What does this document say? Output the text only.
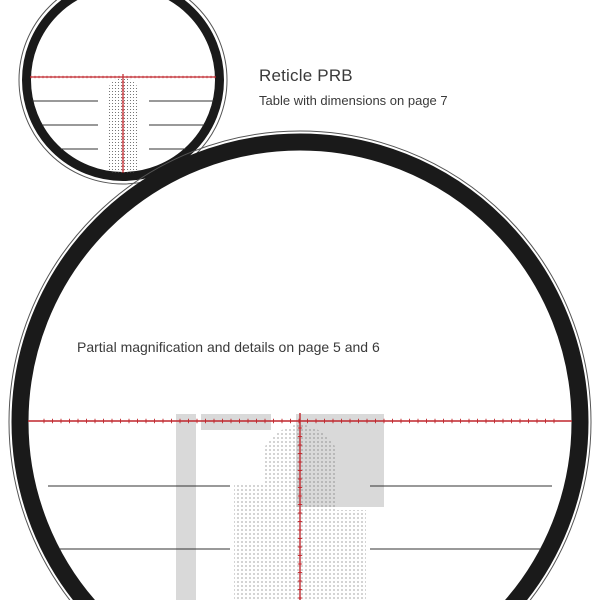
Reticle PRB
Table with dimensions on page 7
Partial magnification and details on page 5 and 6
